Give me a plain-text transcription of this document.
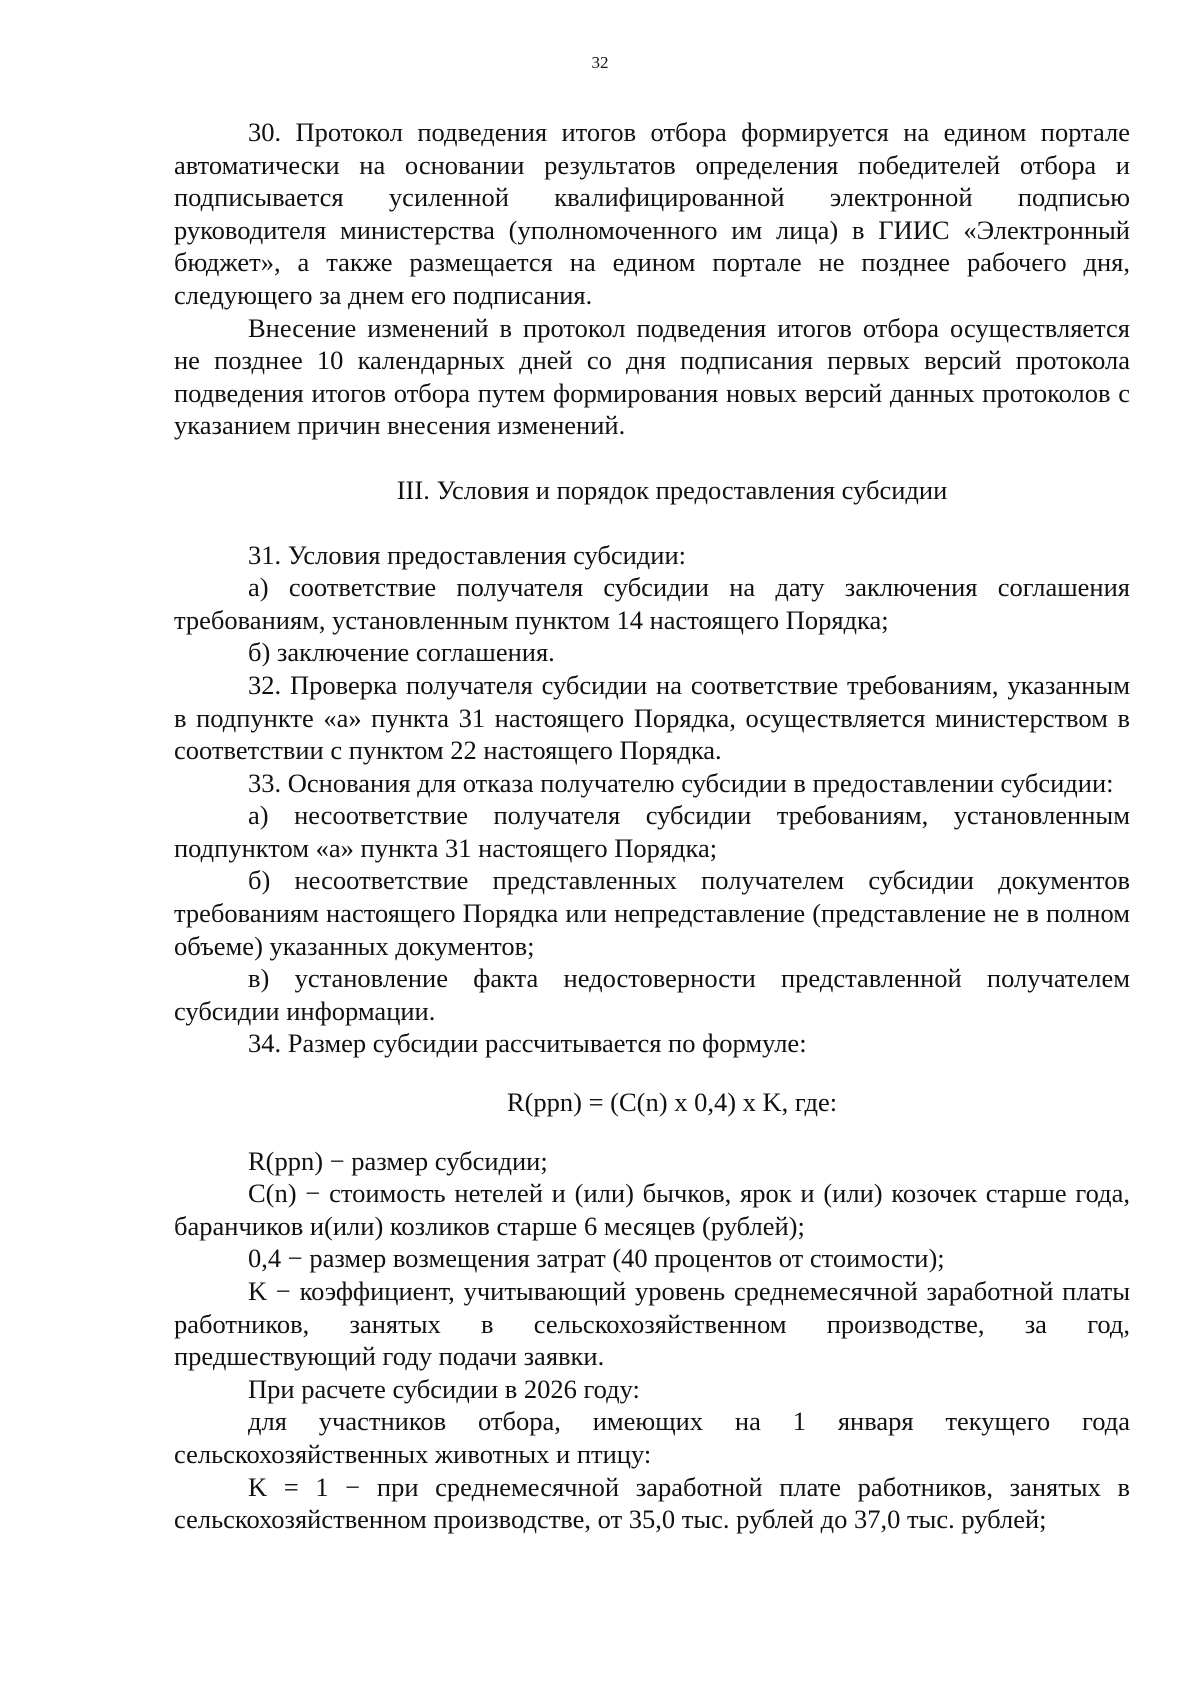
32

30. Протокол подведения итогов отбора формируется на едином портале автоматически на основании результатов определения победителей отбора и подписывается усиленной квалифицированной электронной подписью руководителя министерства (уполномоченного им лица) в ГИИС «Электронный бюджет», а также размещается на едином портале не позднее рабочего дня, следующего за днем его подписания.

Внесение изменений в протокол подведения итогов отбора осуществляется не позднее 10 календарных дней со дня подписания первых версий протокола подведения итогов отбора путем формирования новых версий данных протоколов с указанием причин внесения изменений.

III. Условия и порядок предоставления субсидии

31. Условия предоставления субсидии:

а) соответствие получателя субсидии на дату заключения соглашения требованиям, установленным пунктом 14 настоящего Порядка;

б) заключение соглашения.

32. Проверка получателя субсидии на соответствие требованиям, указанным в подпункте «а» пункта 31 настоящего Порядка, осуществляется министерством в соответствии с пунктом 22 настоящего Порядка.

33. Основания для отказа получателю субсидии в предоставлении субсидии:

а) несоответствие получателя субсидии требованиям, установленным подпунктом «а» пункта 31 настоящего Порядка;

б) несоответствие представленных получателем субсидии документов требованиям настоящего Порядка или непредставление (представление не в полном объеме) указанных документов;

в) установление факта недостоверности представленной получателем субсидии информации.

34. Размер субсидии рассчитывается по формуле:

R(ppn) = (C(n) x 0,4) x K, где:

R(ppn) − размер субсидии;

C(n) − стоимость нетелей и (или) бычков, ярок и (или) козочек старше года, баранчиков и(или) козликов старше 6 месяцев (рублей);

0,4 − размер возмещения затрат (40 процентов от стоимости);

K − коэффициент, учитывающий уровень среднемесячной заработной платы работников, занятых в сельскохозяйственном производстве, за год, предшествующий году подачи заявки.

При расчете субсидии в 2026 году:

для участников отбора, имеющих на 1 января текущего года сельскохозяйственных животных и птицу:

K = 1 − при среднемесячной заработной плате работников, занятых в сельскохозяйственном производстве, от 35,0 тыс. рублей до 37,0 тыс. рублей;
